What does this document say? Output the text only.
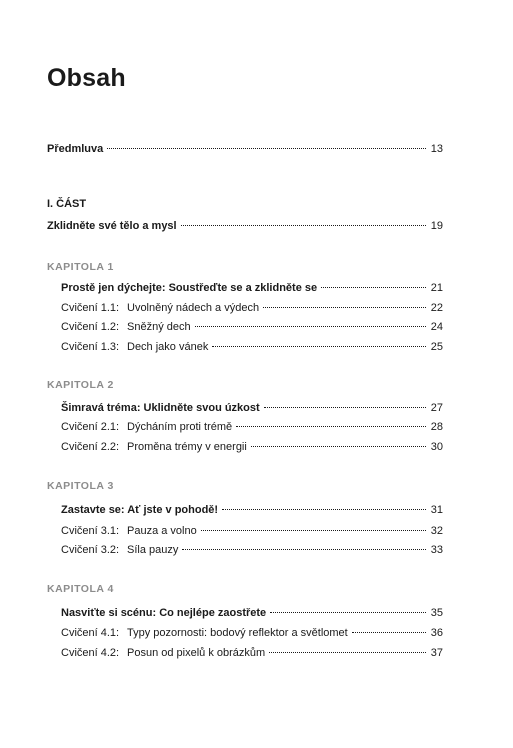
Obsah
Předmluva	13
I. ČÁST
Zklidněte své tělo a mysl	19
KAPITOLA 1
Prostě jen dýchejte: Soustřeďte se a zklidněte se	21
Cvičení 1.1: Uvolněný nádech a výdech	22
Cvičení 1.2: Sněžný dech	24
Cvičení 1.3: Dech jako vánek	25
KAPITOLA 2
Šimravá tréma: Uklidněte svou úzkost	27
Cvičení 2.1: Dýcháním proti trémě	28
Cvičení 2.2: Proměna trémy v energii	30
KAPITOLA 3
Zastavte se: Ať jste v pohodě!	31
Cvičení 3.1: Pauza a volno	32
Cvičení 3.2: Síla pauzy	33
KAPITOLA 4
Nasviťte si scénu: Co nejlépe zaostřete	35
Cvičení 4.1: Typy pozornosti: bodový reflektor a světlomet	36
Cvičení 4.2: Posun od pixelů k obrázkům	37
